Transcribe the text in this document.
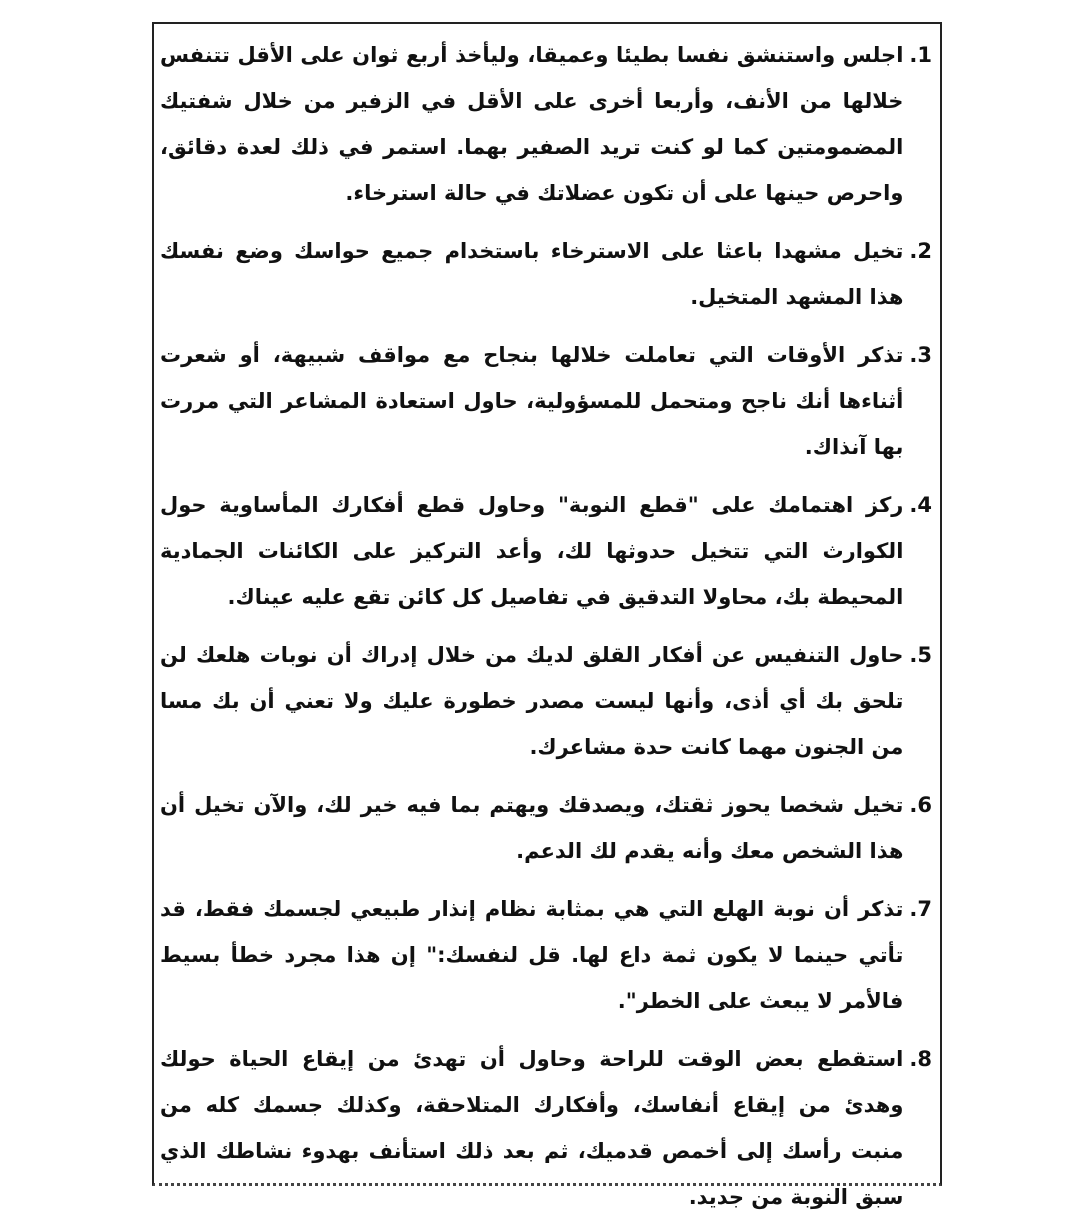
1.
اجلس واستنشق نفسا بطيئا وعميقا، وليأخذ أربع ثوان على الأقل تتنفس خلالها من الأنف، وأربعا أخرى على الأقل في الزفير من خلال شفتيك المضمومتين كما لو كنت تريد الصفير بهما. استمر في ذلك لعدة دقائق، واحرص حينها على أن تكون عضلاتك في حالة استرخاء.
2.
تخيل مشهدا باعثا على الاسترخاء باستخدام جميع حواسك وضع نفسك هذا المشهد المتخيل.
3.
تذكر الأوقات التي تعاملت خلالها بنجاح مع مواقف شبيهة، أو شعرت أثناءها أنك ناجح ومتحمل للمسؤولية، حاول استعادة المشاعر التي مررت بها آنذاك.
4.
ركز اهتمامك على "قطع النوبة" وحاول قطع أفكارك المأساوية حول الكوارث التي تتخيل حدوثها لك، وأعد التركيز على الكائنات الجمادية المحيطة بك، محاولا التدقيق في تفاصيل كل كائن تقع عليه عيناك.
5.
حاول التنفيس عن أفكار القلق لديك من خلال إدراك أن نوبات هلعك لن تلحق بك أي أذى، وأنها ليست مصدر خطورة عليك ولا تعني أن بك مسا من الجنون مهما كانت حدة مشاعرك.
6.
تخيل شخصا يحوز ثقتك، ويصدقك ويهتم بما فيه خير لك، والآن تخيل أن هذا الشخص معك وأنه يقدم لك الدعم.
7.
تذكر أن نوبة الهلع التي هي بمثابة نظام إنذار طبيعي لجسمك فقط، قد تأتي حينما لا يكون ثمة داع لها. قل لنفسك:" إن هذا مجرد خطأ بسيط فالأمر لا يبعث على الخطر".
8.
استقطع بعض الوقت للراحة وحاول أن تهدئ من إيقاع الحياة حولك وهدئ من إيقاع أنفاسك، وأفكارك المتلاحقة، وكذلك جسمك كله من منبت رأسك إلى أخمص قدميك، ثم بعد ذلك استأنف بهدوء نشاطك الذي سبق النوبة من جديد.
